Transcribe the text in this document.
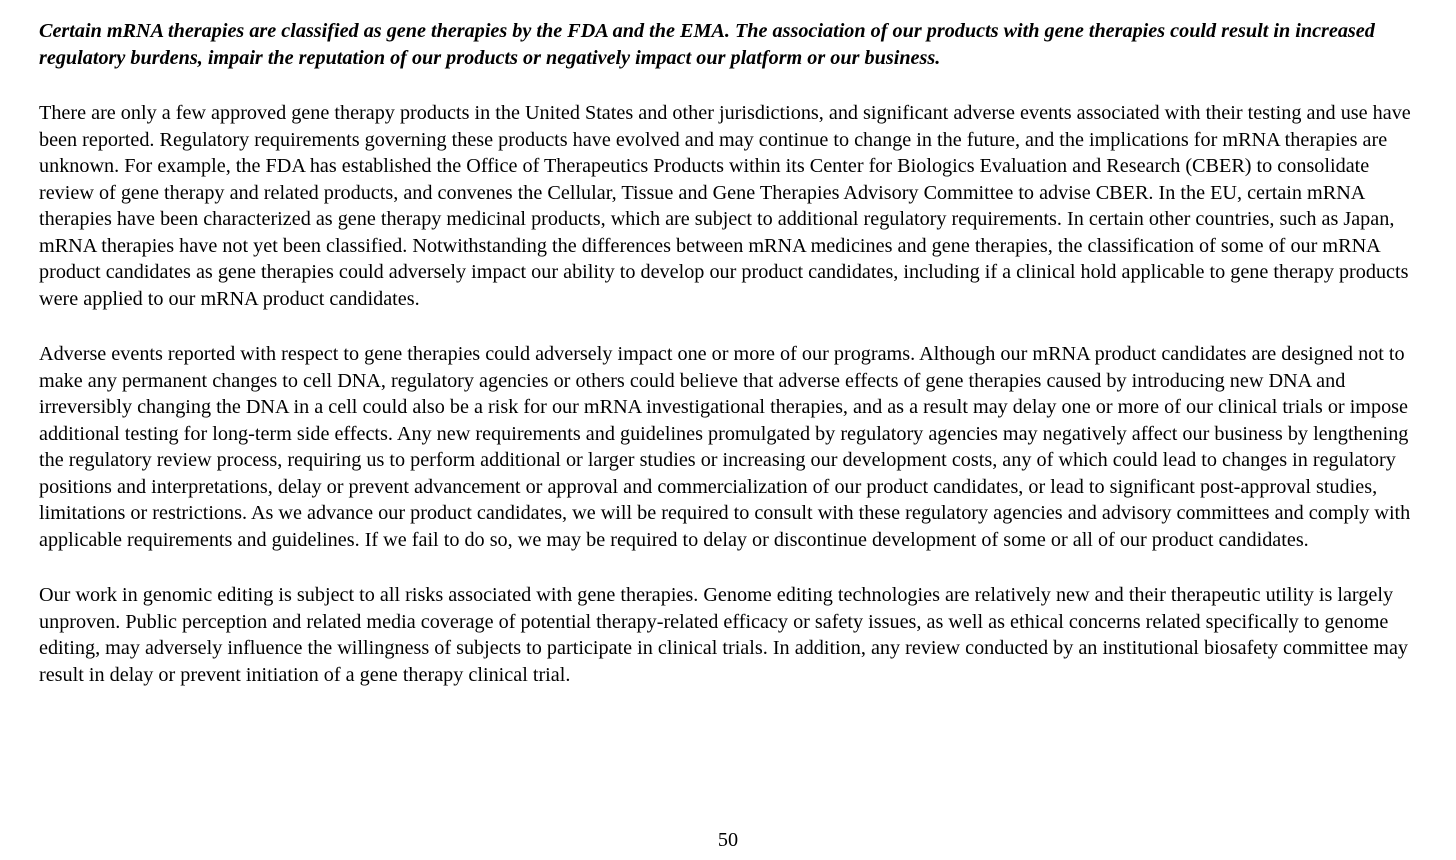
Certain mRNA therapies are classified as gene therapies by the FDA and the EMA. The association of our products with gene therapies could result in increased regulatory burdens, impair the reputation of our products or negatively impact our platform or our business.

There are only a few approved gene therapy products in the United States and other jurisdictions, and significant adverse events associated with their testing and use have been reported. Regulatory requirements governing these products have evolved and may continue to change in the future, and the implications for mRNA therapies are unknown. For example, the FDA has established the Office of Therapeutics Products within its Center for Biologics Evaluation and Research (CBER) to consolidate review of gene therapy and related products, and convenes the Cellular, Tissue and Gene Therapies Advisory Committee to advise CBER. In the EU, certain mRNA therapies have been characterized as gene therapy medicinal products, which are subject to additional regulatory requirements. In certain other countries, such as Japan, mRNA therapies have not yet been classified. Notwithstanding the differences between mRNA medicines and gene therapies, the classification of some of our mRNA product candidates as gene therapies could adversely impact our ability to develop our product candidates, including if a clinical hold applicable to gene therapy products were applied to our mRNA product candidates.

Adverse events reported with respect to gene therapies could adversely impact one or more of our programs. Although our mRNA product candidates are designed not to make any permanent changes to cell DNA, regulatory agencies or others could believe that adverse effects of gene therapies caused by introducing new DNA and irreversibly changing the DNA in a cell could also be a risk for our mRNA investigational therapies, and as a result may delay one or more of our clinical trials or impose additional testing for long-term side effects. Any new requirements and guidelines promulgated by regulatory agencies may negatively affect our business by lengthening the regulatory review process, requiring us to perform additional or larger studies or increasing our development costs, any of which could lead to changes in regulatory positions and interpretations, delay or prevent advancement or approval and commercialization of our product candidates, or lead to significant post-approval studies, limitations or restrictions. As we advance our product candidates, we will be required to consult with these regulatory agencies and advisory committees and comply with applicable requirements and guidelines. If we fail to do so, we may be required to delay or discontinue development of some or all of our product candidates.

Our work in genomic editing is subject to all risks associated with gene therapies. Genome editing technologies are relatively new and their therapeutic utility is largely unproven. Public perception and related media coverage of potential therapy-related efficacy or safety issues, as well as ethical concerns related specifically to genome editing, may adversely influence the willingness of subjects to participate in clinical trials. In addition, any review conducted by an institutional biosafety committee may result in delay or prevent initiation of a gene therapy clinical trial.

50
